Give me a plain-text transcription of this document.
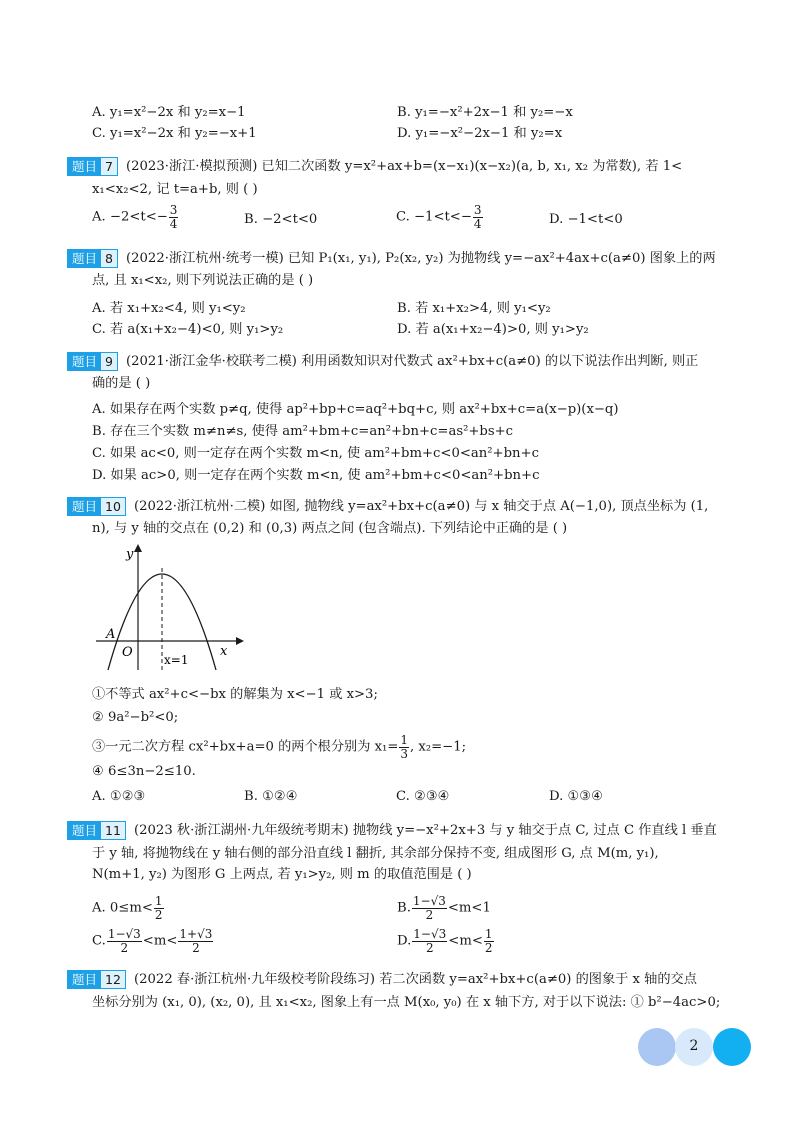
A. y₁=x²−2x 和 y₂=x−1	B. y₁=−x²+2x−1 和 y₂=−x
C. y₁=x²−2x 和 y₂=−x+1	D. y₁=−x²−2x−1 和 y₂=x
题目 7 (2023·浙江·模拟预测) 已知二次函数 y=x²+ax+b=(x−x₁)(x−x₂)(a, b, x₁, x₂ 为常数), 若 1<
x₁<x₂<2, 记 t=a+b, 则 ( )
A. $-2<t<- \frac{3}{4}$	B. −2<t<0	C. $-1<t<- \frac{3}{4}$	D. −1<t<0
题目 8 (2022·浙江杭州·统考一模) 已知 P₁(x₁, y₁), P₂(x₂, y₂) 为抛物线 y=−ax²+4ax+c(a≠0) 图象上的两
点, 且 x₁<x₂, 则下列说法正确的是 ( )
A. 若 x₁+x₂<4, 则 y₁<y₂	B. 若 x₁+x₂>4, 则 y₁<y₂
C. 若 a(x₁+x₂−4)<0, 则 y₁>y₂	D. 若 a(x₁+x₂−4)>0, 则 y₁>y₂
题目 9 (2021·浙江金华·校联考二模) 利用函数知识对代数式 ax²+bx+c(a≠0) 的以下说法作出判断, 则正
确的是 ( )
A. 如果存在两个实数 p≠q, 使得 ap²+bp+c=aq²+bq+c, 则 ax²+bx+c=a(x−p)(x−q)
B. 存在三个实数 m≠n≠s, 使得 am²+bm+c=an²+bn+c=as²+bs+c
C. 如果 ac<0, 则一定存在两个实数 m<n, 使 am²+bm+c<0<an²+bn+c
D. 如果 ac>0, 则一定存在两个实数 m<n, 使 am²+bm+c<0<an²+bn+c
题目 10 (2022·浙江杭州·二模) 如图, 抛物线 y=ax²+bx+c(a≠0) 与 x 轴交于点 A(−1,0), 顶点坐标为 (1,
n), 与 y 轴的交点在 (0,2) 和 (0,3) 两点之间 (包含端点). 下列结论中正确的是 ( )
y
x
O
A
x=1
①不等式 ax²+c<−bx 的解集为 x<−1 或 x>3;
② 9a²−b²<0;
③一元二次方程 cx²+bx+a=0 的两个根分别为 $x_1= \frac{1}{3}$ , x₂=−1;
④ 6≤3n−2≤10.
A. ①②③	B. ①②④	C. ②③④	D. ①③④
题目 11 (2023 秋·浙江湖州·九年级统考期末) 抛物线 y=−x²+2x+3 与 y 轴交于点 C, 过点 C 作直线 l 垂直
于 y 轴, 将抛物线在 y 轴右侧的部分沿直线 l 翻折, 其余部分保持不变, 组成图形 G, 点 M(m, y₁),
N(m+1, y₂) 为图形 G 上两点, 若 y₁>y₂, 则 m 的取值范围是 ( )
A. $0\le m< \frac{1}{2}$	B. $\frac{1-√3}{2} <m<1$
C. $\frac{1-√3}{2} <m< \frac{1+√3}{2}$	D. $\frac{1-√3}{2} <m< \frac{1}{2}$
题目 12 (2022 春·浙江杭州·九年级校考阶段练习) 若二次函数 y=ax²+bx+c(a≠0) 的图象于 x 轴的交点
坐标分别为 (x₁, 0), (x₂, 0), 且 x₁<x₂, 图象上有一点 M(x₀, y₀) 在 x 轴下方, 对于以下说法: ① b²−4ac>0;
2
